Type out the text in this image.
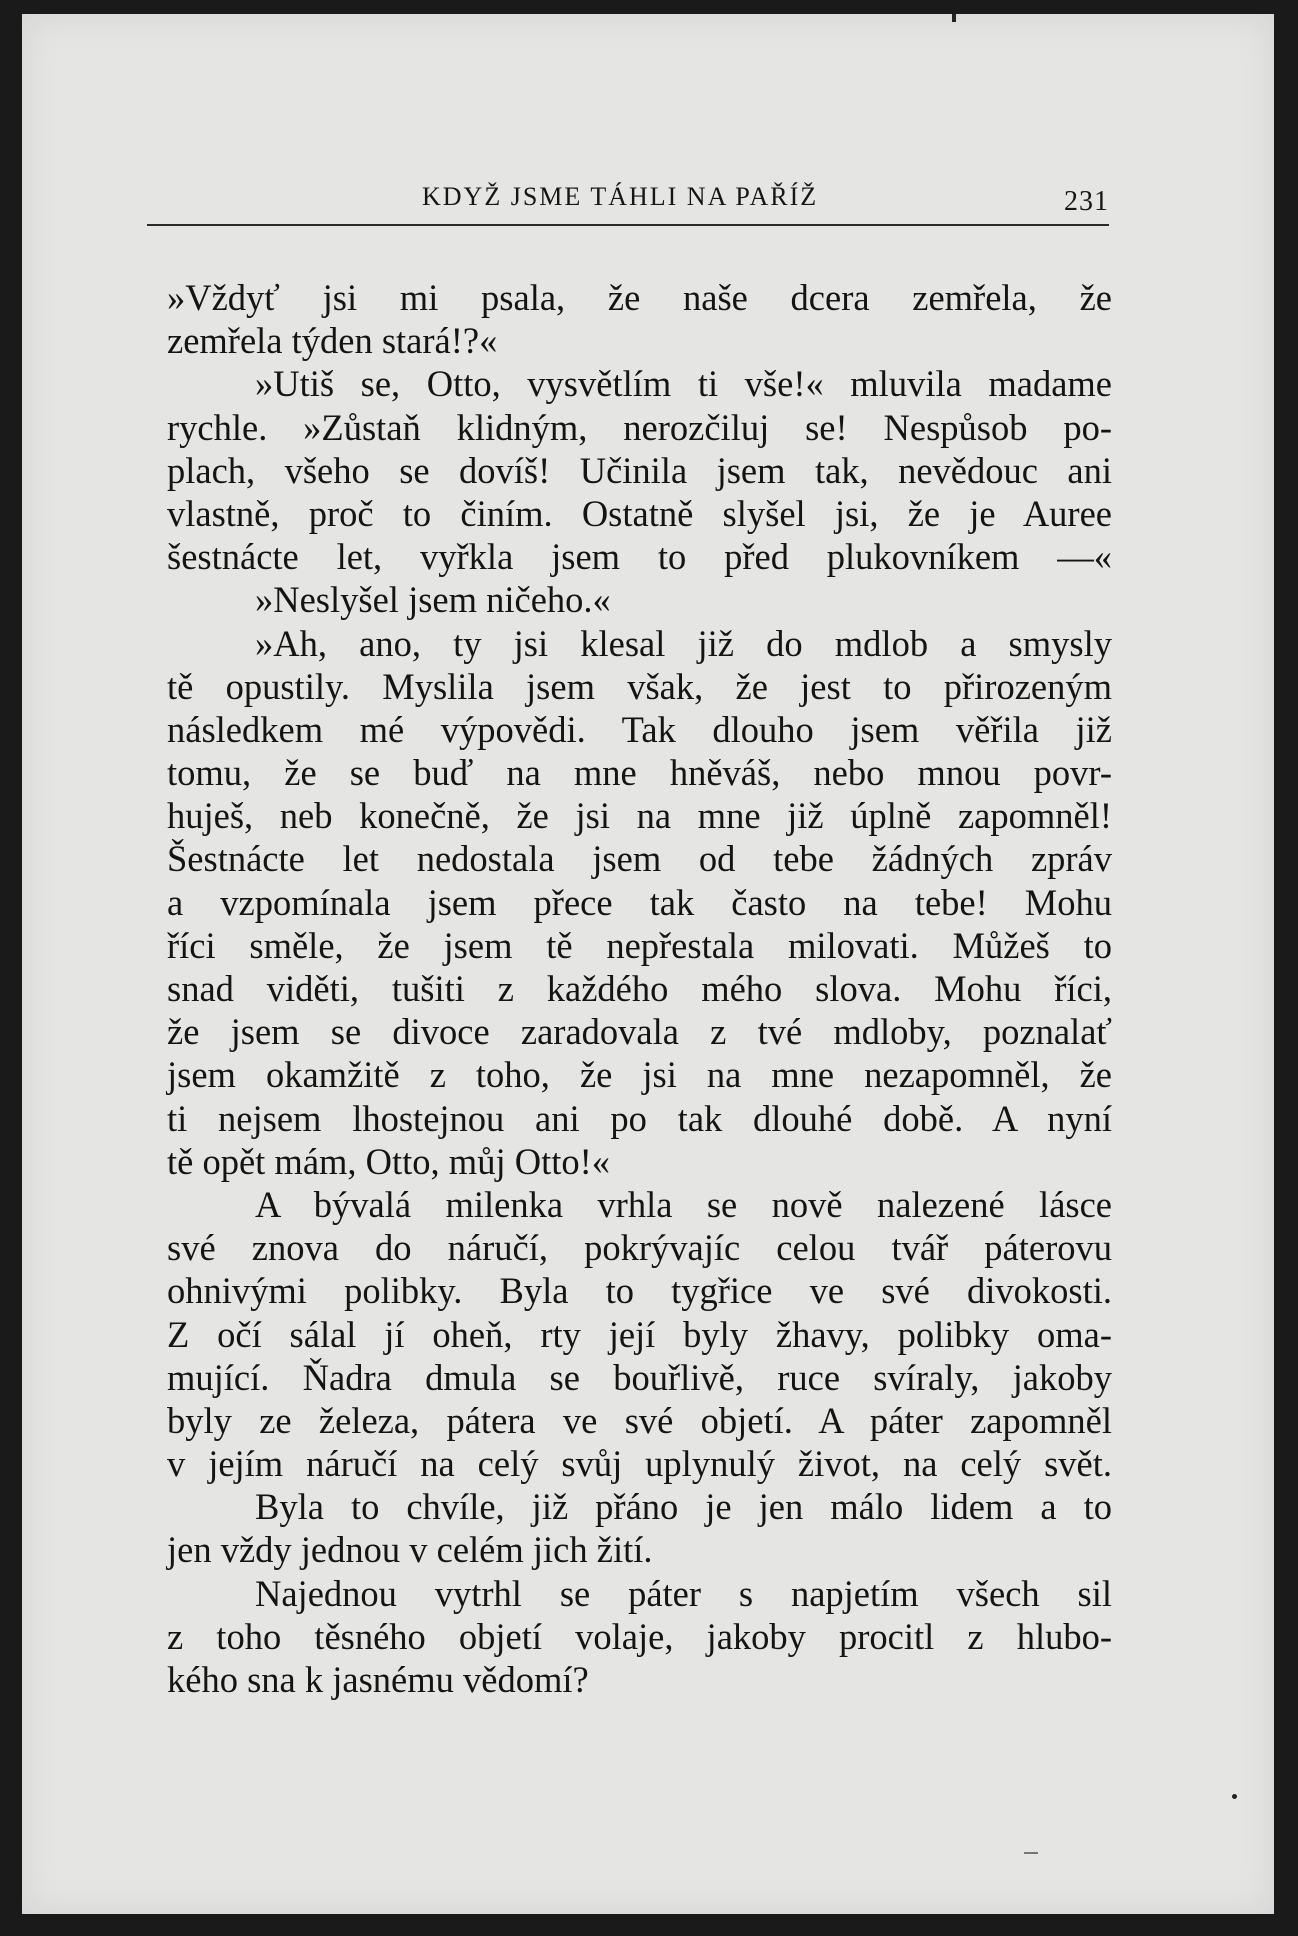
KDYŽ JSME TÁHLI NA PAŘÍŽ	231
»Vždyť jsi mi psala, že naše dcera zemřela, že
zemřela týden stará!?«
»Utiš se, Otto, vysvětlím ti vše!« mluvila madame
rychle. »Zůstaň klidným, nerozčiluj se! Nespůsob po-
plach, všeho se dovíš! Učinila jsem tak, nevědouc ani
vlastně, proč to činím. Ostatně slyšel jsi, že je Auree
šestnácte let, vyřkla jsem to před plukovníkem —«
»Neslyšel jsem ničeho.«
»Ah, ano, ty jsi klesal již do mdlob a smysly
tě opustily. Myslila jsem však, že jest to přirozeným
následkem mé výpovědi. Tak dlouho jsem věřila již
tomu, že se buď na mne hněváš, nebo mnou povr-
huješ, neb konečně, že jsi na mne již úplně zapomněl!
Šestnácte let nedostala jsem od tebe žádných zpráv
a vzpomínala jsem přece tak často na tebe! Mohu
říci směle, že jsem tě nepřestala milovati. Můžeš to
snad viděti, tušiti z každého mého slova. Mohu říci,
že jsem se divoce zaradovala z tvé mdloby, poznalať
jsem okamžitě z toho, že jsi na mne nezapomněl, že
ti nejsem lhostejnou ani po tak dlouhé době. A nyní
tě opět mám, Otto, můj Otto!«
A bývalá milenka vrhla se nově nalezené lásce
své znova do náručí, pokrývajíc celou tvář páterovu
ohnivými polibky. Byla to tygřice ve své divokosti.
Z očí sálal jí oheň, rty její byly žhavy, polibky oma-
mující. Ňadra dmula se bouřlivě, ruce svíraly, jakoby
byly ze železa, pátera ve své objetí. A páter zapomněl
v jejím náručí na celý svůj uplynulý život, na celý svět.
Byla to chvíle, již přáno je jen málo lidem a to
jen vždy jednou v celém jich žití.
Najednou vytrhl se páter s napjetím všech sil
z toho těsného objetí volaje, jakoby procitl z hlubo-
kého sna k jasnému vědomí?
